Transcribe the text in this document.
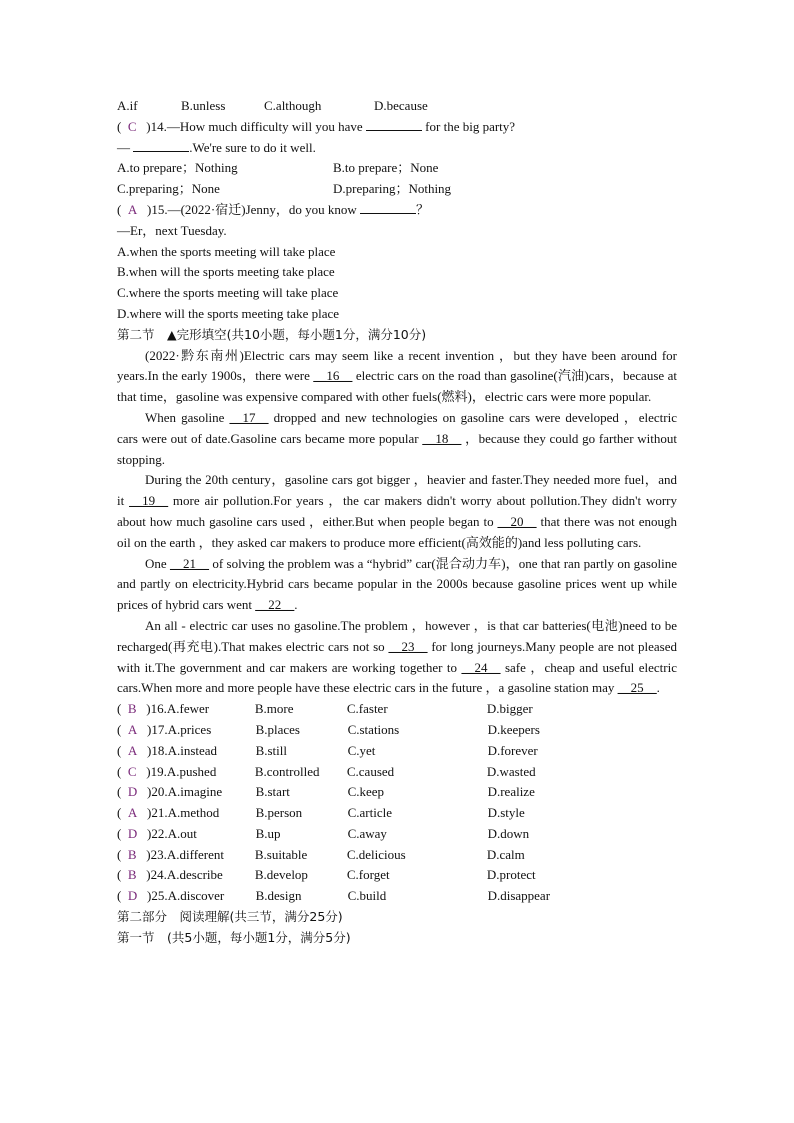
A.if	B.unless	C.although	D.because
(  C )14.—How much difficulty will you have	for the big party?
—	.We're sure to do it well.
A.to prepare；Nothing	B.to prepare；None
C.preparing；None	D.preparing；Nothing
(  A )15.—(2022·宿迁)Jenny，do you know	？
—Er，next Tuesday.
A.when the sports meeting will take place
B.when will the sports meeting take place
C.where the sports meeting will take place
D.where will the sports meeting take place
第二节　▲完形填空(共10小题，每小题1分，满分10分)
(2022·黔东南州)Electric cars may seem like a recent invention ，but they have been around for years.In the early 1900s，there were __16__ electric cars on the road than gasoline(汽油)cars，because at that time，gasoline was expensive compared with other fuels(燃料)，electric cars were more popular.
When gasoline __17__ dropped and new technologies on gasoline cars were developed ，electric cars were out of date.Gasoline cars became more popular __18__ ，because they could go farther without stopping.
During the 20th century，gasoline cars got bigger ，heavier and faster.They needed more fuel，and it __19__ more air pollution.For years ，the car makers didn't worry about pollution.They didn't worry about how much gasoline cars used ，either.But when people began to __20__ that there was not enough oil on the earth ，they asked car makers to produce more efficient(高效能的)and less polluting cars.
One __21__ of solving the problem was a “hybrid” car(混合动力车)，one that ran partly on gasoline and partly on electricity.Hybrid cars became popular in the 2000s because gasoline prices went up while prices of hybrid cars went __22__.
An all - electric car uses no gasoline.The problem ，however ，is that car batteries(电池)need to be recharged(再充电).That makes electric cars not so __23__ for long journeys.Many people are not pleased with it.The government and car makers are working together to __24__ safe ，cheap and useful electric cars.When more and more people have these electric cars in the future ，a gasoline station may __25__.
( B
)16. A.fewer	B.more	C.faster	D.bigger
( A
)17. A.prices	B.places	C.stations	D.keepers
( A
)18. A.instead	B.still	C.yet	D.forever
( C
)19. A.pushed	B.controlled	C.caused	D.wasted
( D
)20. A.imagine	B.start	C.keep	D.realize
( A
)21. A.method	B.person	C.article	D.style
( D
)22. A.out	B.up	C.away	D.down
( B
)23. A.different	B.suitable	C.delicious	D.calm
( B
)24. A.describe	B.develop	C.forget	D.protect
( D
)25. A.discover	B.design	C.build	D.disappear
第二部分　阅读理解(共三节，满分25分)
第一节　(共5小题，每小题1分，满分5分)
